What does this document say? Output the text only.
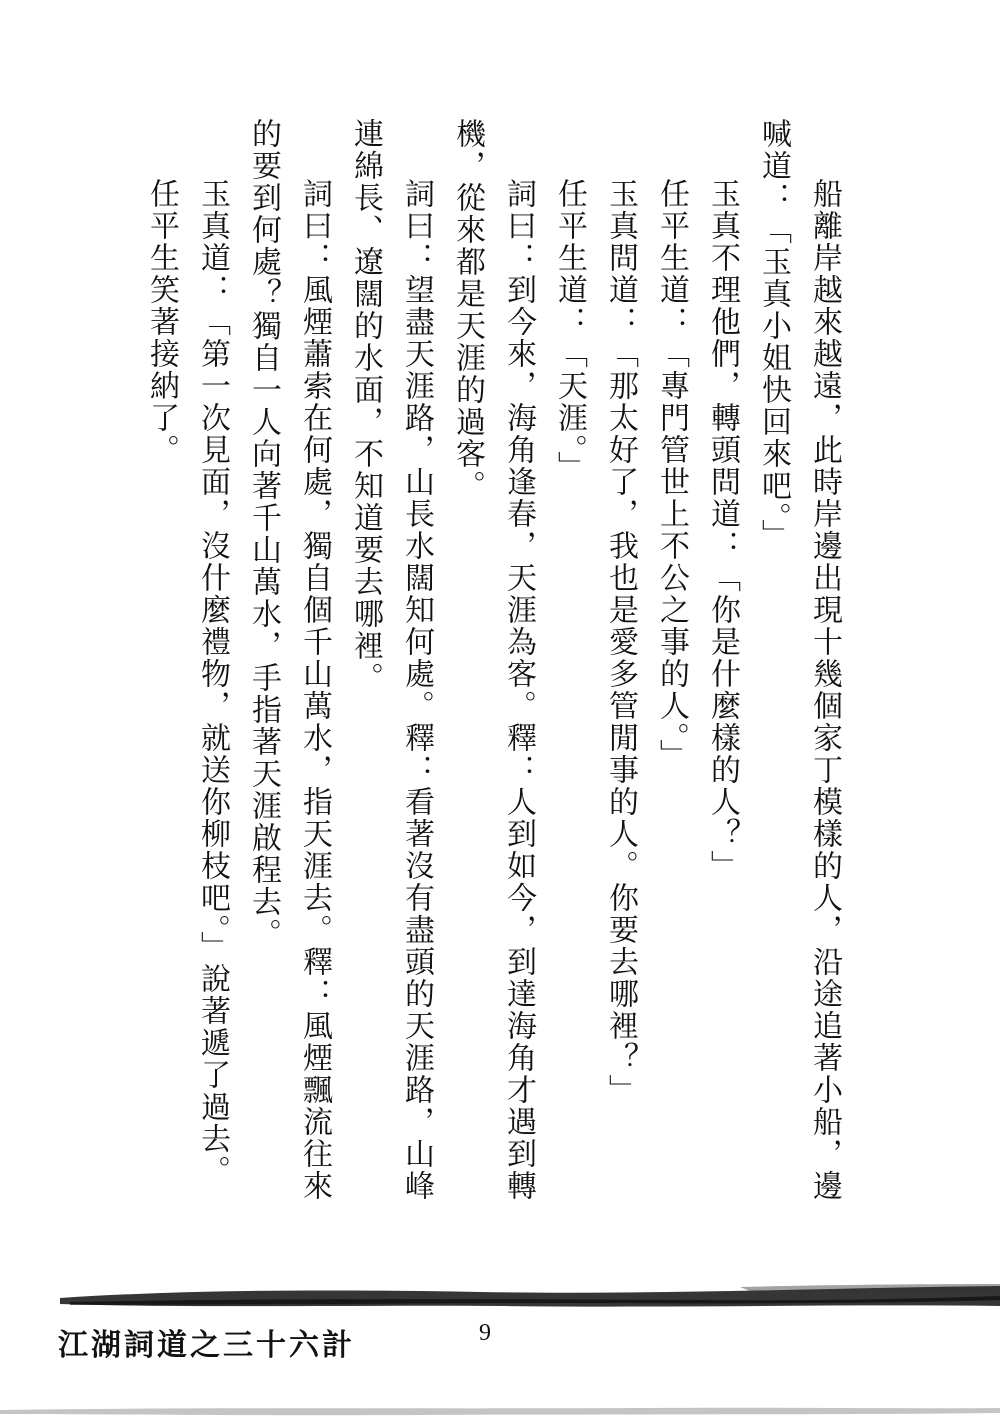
船離岸越來越遠，此時岸邊出現十幾個家丁模樣的人，沿途追著小船，邊喊道：「玉真小姐快回來吧。」

玉真不理他們，轉頭問道：「你是什麼樣的人？」

任平生道：「專門管世上不公之事的人。」

玉真問道：「那太好了，我也是愛多管閒事的人。你要去哪裡？」

任平生道：「天涯。」

詞曰：到今來，海角逢春，天涯為客。釋：人到如今，到達海角才遇到轉機，從來都是天涯的過客。

詞曰：望盡天涯路，山長水闊知何處。釋：看著沒有盡頭的天涯路，山峰連綿長、遼闊的水面，不知道要去哪裡。

詞曰：風煙蕭索在何處，獨自個千山萬水，指天涯去。釋：風煙飄流往來的要到何處？獨自一人向著千山萬水，手指著天涯啟程去。

玉真道：「第一次見面，沒什麼禮物，就送你柳枝吧。」說著遞了過去。

任平生笑著接納了。

江湖詞道之三十六計	9
